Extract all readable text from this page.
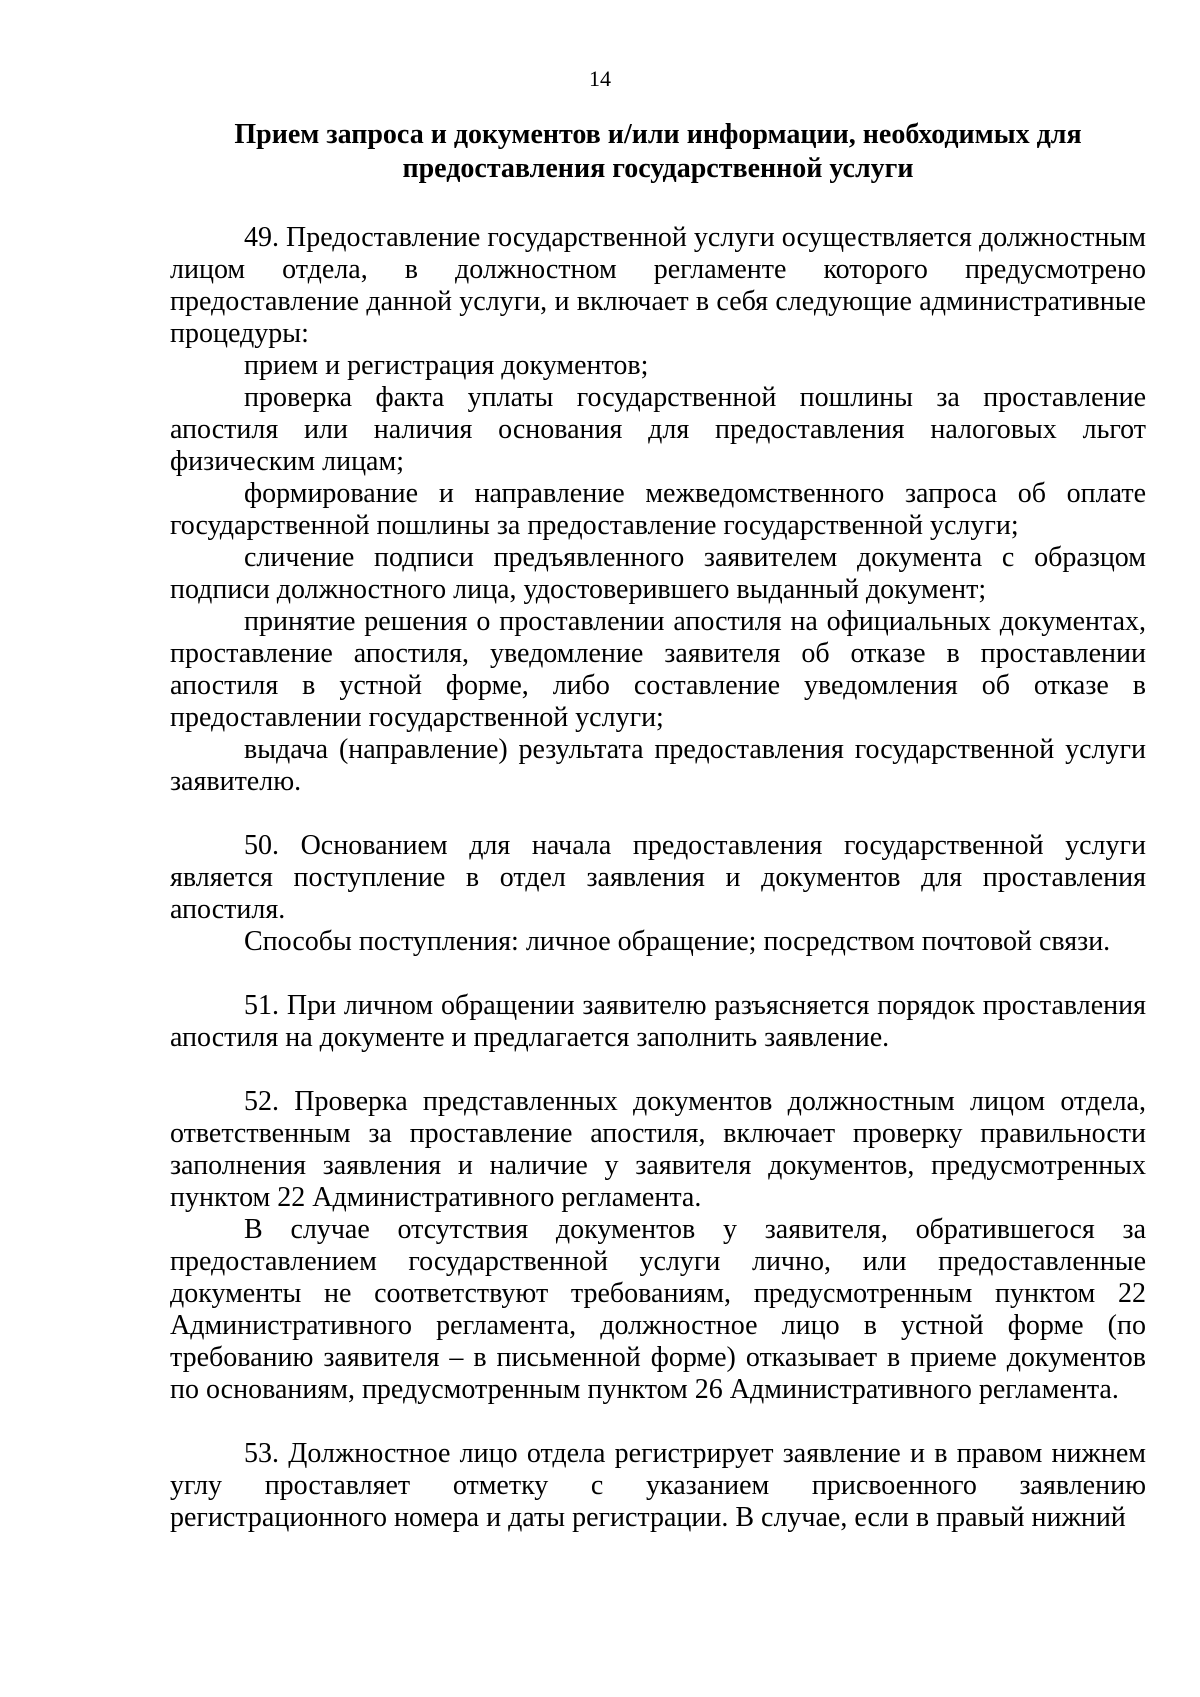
14
Прием запроса и документов и/или информации, необходимых для предоставления государственной услуги

49. Предоставление государственной услуги осуществляется должностным лицом отдела, в должностном регламенте которого предусмотрено предоставление данной услуги, и включает в себя следующие административные процедуры:

прием и регистрация документов;

проверка факта уплаты государственной пошлины за проставление апостиля или наличия основания для предоставления налоговых льгот физическим лицам;

формирование и направление межведомственного запроса об оплате государственной пошлины за предоставление государственной услуги;

сличение подписи предъявленного заявителем документа с образцом подписи должностного лица, удостоверившего выданный документ;

принятие решения о проставлении апостиля на официальных документах, проставление апостиля, уведомление заявителя об отказе в проставлении апостиля в устной форме, либо составление уведомления об отказе в предоставлении государственной услуги;

выдача (направление) результата предоставления государственной услуги заявителю.

50. Основанием для начала предоставления государственной услуги является поступление в отдел заявления и документов для проставления апостиля.

Способы поступления: личное обращение; посредством почтовой связи.

51. При личном обращении заявителю разъясняется порядок проставления апостиля на документе и предлагается заполнить заявление.

52. Проверка представленных документов должностным лицом отдела, ответственным за проставление апостиля, включает проверку правильности заполнения заявления и наличие у заявителя документов, предусмотренных пунктом 22 Административного регламента.

В случае отсутствия документов у заявителя, обратившегося за предоставлением государственной услуги лично, или предоставленные документы не соответствуют требованиям, предусмотренным пунктом 22 Административного регламента, должностное лицо в устной форме (по требованию заявителя – в письменной форме) отказывает в приеме документов по основаниям, предусмотренным пунктом 26 Административного регламента.

53. Должностное лицо отдела регистрирует заявление и в правом нижнем углу проставляет отметку с указанием присвоенного заявлению регистрационного номера и даты регистрации. В случае, если в правый нижний
